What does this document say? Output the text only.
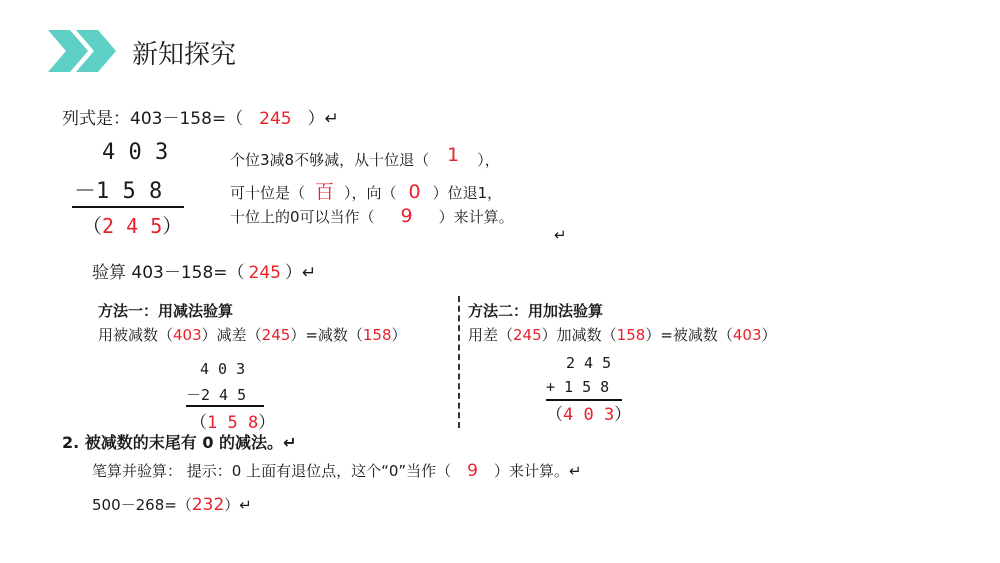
新知探究
列式是：403－158=（ 245 ）↵
4 0 3
－1 5 8
（2 4 5）
个位3减8不够减，从十位退（ 1 ），
可十位是（ 百 ），向（ 0 ）位退1，
十位上的0可以当作（ 9 ）来计算。
↵
验算 403－158=（ 245 ）↵
方法一：用减法验算
用被减数（403）减差（245）=减数（158）
4 0 3
－2 4 5
（1 5 8）
方法二：用加法验算
用差（245）加减数（158）=被减数（403）
2 4 5
+ 1 5 8
（4 0 3）
2. 被减数的末尾有 0 的减法。↵
笔算并验算： 提示：0 上面有退位点，这个“0”当作（ 9 ）来计算。↵
500－268=（232）↵
